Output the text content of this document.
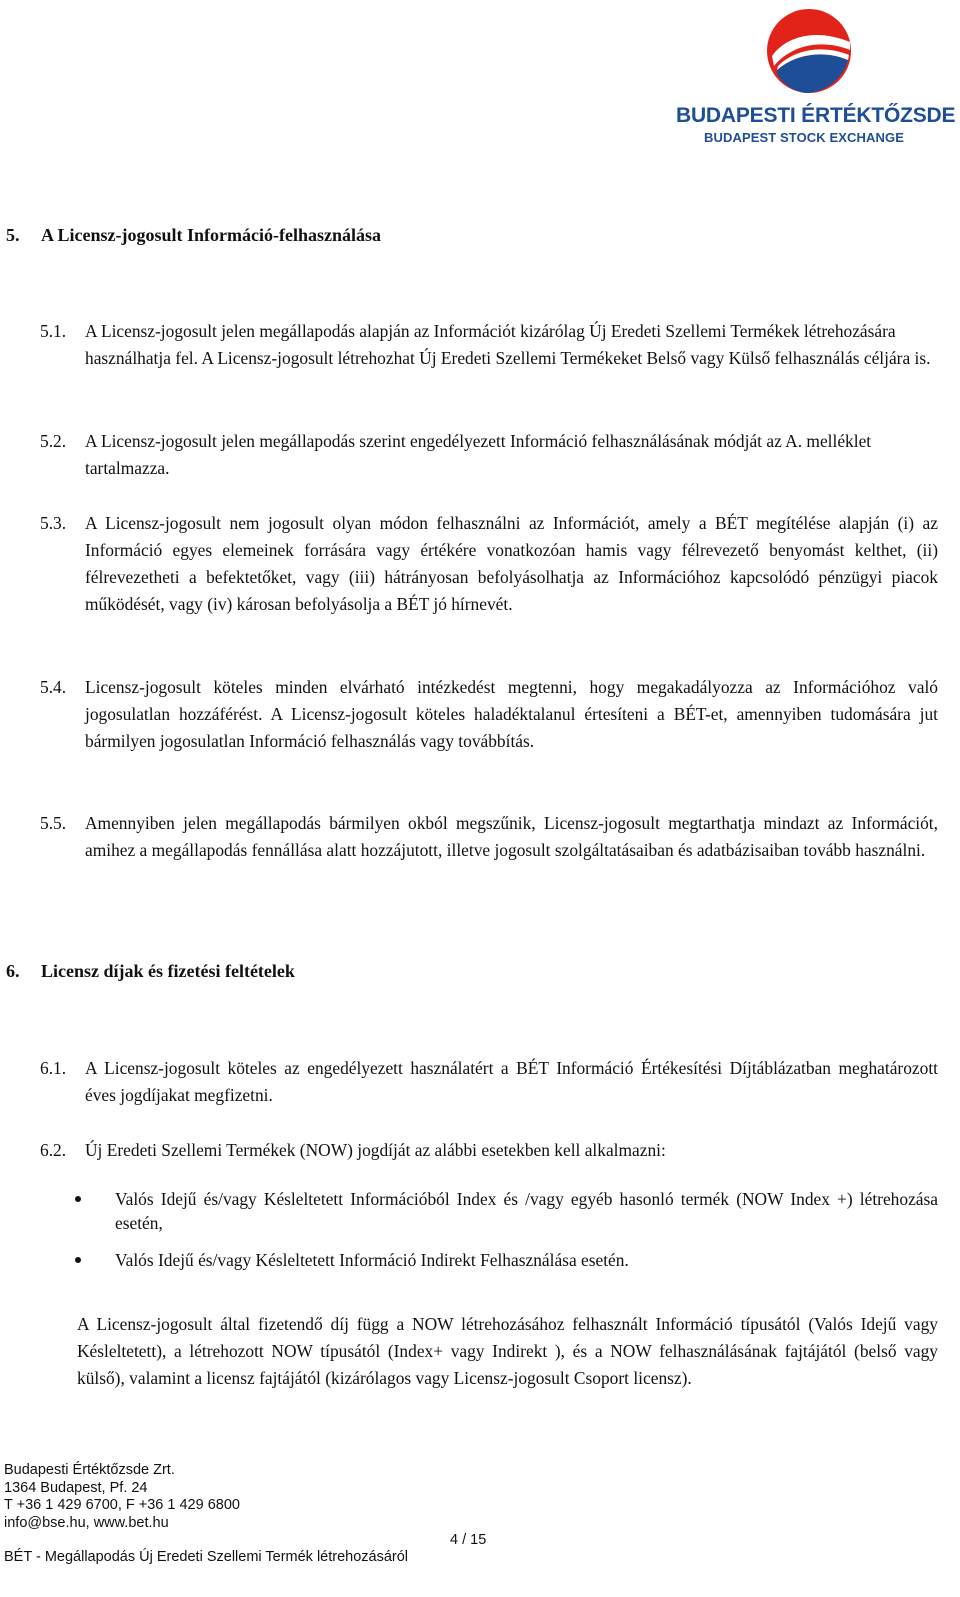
BUDAPESTI ÉRTÉKTŐZSDE
BUDAPEST STOCK EXCHANGE
5. A Licensz-jogosult Információ-felhasználása
5.1.	A Licensz-jogosult jelen megállapodás alapján az Információt kizárólag Új Eredeti Szellemi Termékek létrehozására használhatja fel. A Licensz-jogosult létrehozhat Új Eredeti Szellemi Termékeket Belső vagy Külső felhasználás céljára is.
5.2.	A Licensz-jogosult jelen megállapodás szerint engedélyezett Információ felhasználásának módját az A. melléklet tartalmazza.
5.3.	A Licensz-jogosult nem jogosult olyan módon felhasználni az Információt, amely a BÉT megítélése alapján (i) az Információ egyes elemeinek forrására vagy értékére vonatkozóan hamis vagy félrevezető benyomást kelthet, (ii) félrevezetheti a befektetőket, vagy (iii) hátrányosan befolyásolhatja az Információhoz kapcsolódó pénzügyi piacok működését, vagy (iv) károsan befolyásolja a BÉT jó hírnevét.
5.4.	Licensz-jogosult köteles minden elvárható intézkedést megtenni, hogy megakadályozza az Információhoz való jogosulatlan hozzáférést. A Licensz-jogosult köteles haladéktalanul értesíteni a BÉT-et, amennyiben tudomására jut bármilyen jogosulatlan Információ felhasználás vagy továbbítás.
5.5.	Amennyiben jelen megállapodás bármilyen okból megszűnik, Licensz-jogosult megtarthatja mindazt az Információt, amihez a megállapodás fennállása alatt hozzájutott, illetve jogosult szolgáltatásaiban és adatbázisaiban tovább használni.
6. Licensz díjak és fizetési feltételek
6.1.	A Licensz-jogosult köteles az engedélyezett használatért a BÉT Információ Értékesítési Díjtáblázatban meghatározott éves jogdíjakat megfizetni.
6.2.	Új Eredeti Szellemi Termékek (NOW) jogdíját az alábbi esetekben kell alkalmazni:
Valós Idejű és/vagy Késleltetett Információból Index és /vagy egyéb hasonló termék (NOW Index +) létrehozása esetén,
Valós Idejű és/vagy Késleltetett Információ Indirekt Felhasználása esetén.
A Licensz-jogosult által fizetendő díj függ a NOW létrehozásához felhasznált Információ típusától (Valós Idejű vagy Késleltetett), a létrehozott NOW típusától (Index+ vagy Indirekt ), és a NOW felhasználásának fajtájától (belső vagy külső), valamint a licensz fajtájától (kizárólagos vagy Licensz-jogosult Csoport licensz).
Budapesti Értéktőzsde Zrt.
1364 Budapest, Pf. 24
T +36 1 429 6700, F +36 1 429 6800
info@bse.hu, www.bet.hu
4 / 15
BÉT - Megállapodás Új Eredeti Szellemi Termék létrehozásáról
